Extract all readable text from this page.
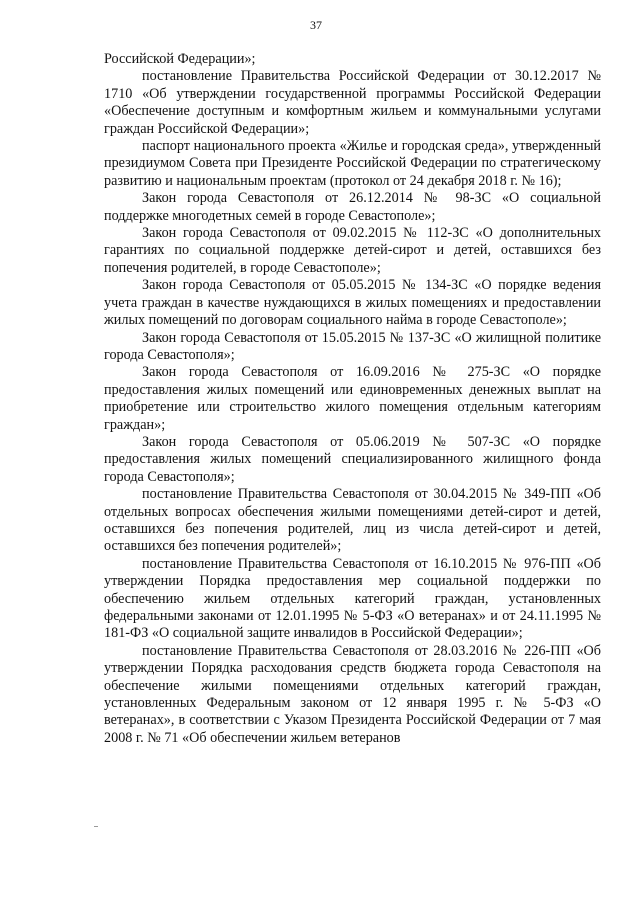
37

Российской Федерации»;

постановление Правительства Российской Федерации от 30.12.2017 № 1710 «Об утверждении государственной программы Российской Федерации «Обеспечение доступным и комфортным жильем и коммунальными услугами граждан Российской Федерации»;

паспорт национального проекта «Жилье и городская среда», утвержденный президиумом Совета при Президенте Российской Федерации по стратегическому развитию и национальным проектам (протокол от 24 декабря 2018 г. № 16);

Закон города Севастополя от 26.12.2014 № 98-ЗС «О социальной поддержке многодетных семей в городе Севастополе»;

Закон города Севастополя от 09.02.2015 № 112-ЗС «О дополнительных гарантиях по социальной поддержке детей-сирот и детей, оставшихся без попечения родителей, в городе Севастополе»;

Закон города Севастополя от 05.05.2015 № 134-ЗС «О порядке ведения учета граждан в качестве нуждающихся в жилых помещениях и предоставлении жилых помещений по договорам социального найма в городе Севастополе»;

Закон города Севастополя от 15.05.2015 № 137-ЗС «О жилищной политике города Севастополя»;

Закон города Севастополя от 16.09.2016 № 275-ЗС «О порядке предоставления жилых помещений или единовременных денежных выплат на приобретение или строительство жилого помещения отдельным категориям граждан»;

Закон города Севастополя от 05.06.2019 № 507-ЗС «О порядке предоставления жилых помещений специализированного жилищного фонда города Севастополя»;

постановление Правительства Севастополя от 30.04.2015 № 349-ПП «Об отдельных вопросах обеспечения жилыми помещениями детей-сирот и детей, оставшихся без попечения родителей, лиц из числа детей-сирот и детей, оставшихся без попечения родителей»;

постановление Правительства Севастополя от 16.10.2015 № 976-ПП «Об утверждении Порядка предоставления мер социальной поддержки по обеспечению жильем отдельных категорий граждан, установленных федеральными законами от 12.01.1995 № 5-ФЗ «О ветеранах» и от 24.11.1995 № 181-ФЗ «О социальной защите инвалидов в Российской Федерации»;

постановление Правительства Севастополя от 28.03.2016 № 226-ПП «Об утверждении Порядка расходования средств бюджета города Севастополя на обеспечение жилыми помещениями отдельных категорий граждан, установленных Федеральным законом от 12 января 1995 г. № 5-ФЗ «О ветеранах», в соответствии с Указом Президента Российской Федерации от 7 мая 2008 г. № 71 «Об обеспечении жильем ветеранов
